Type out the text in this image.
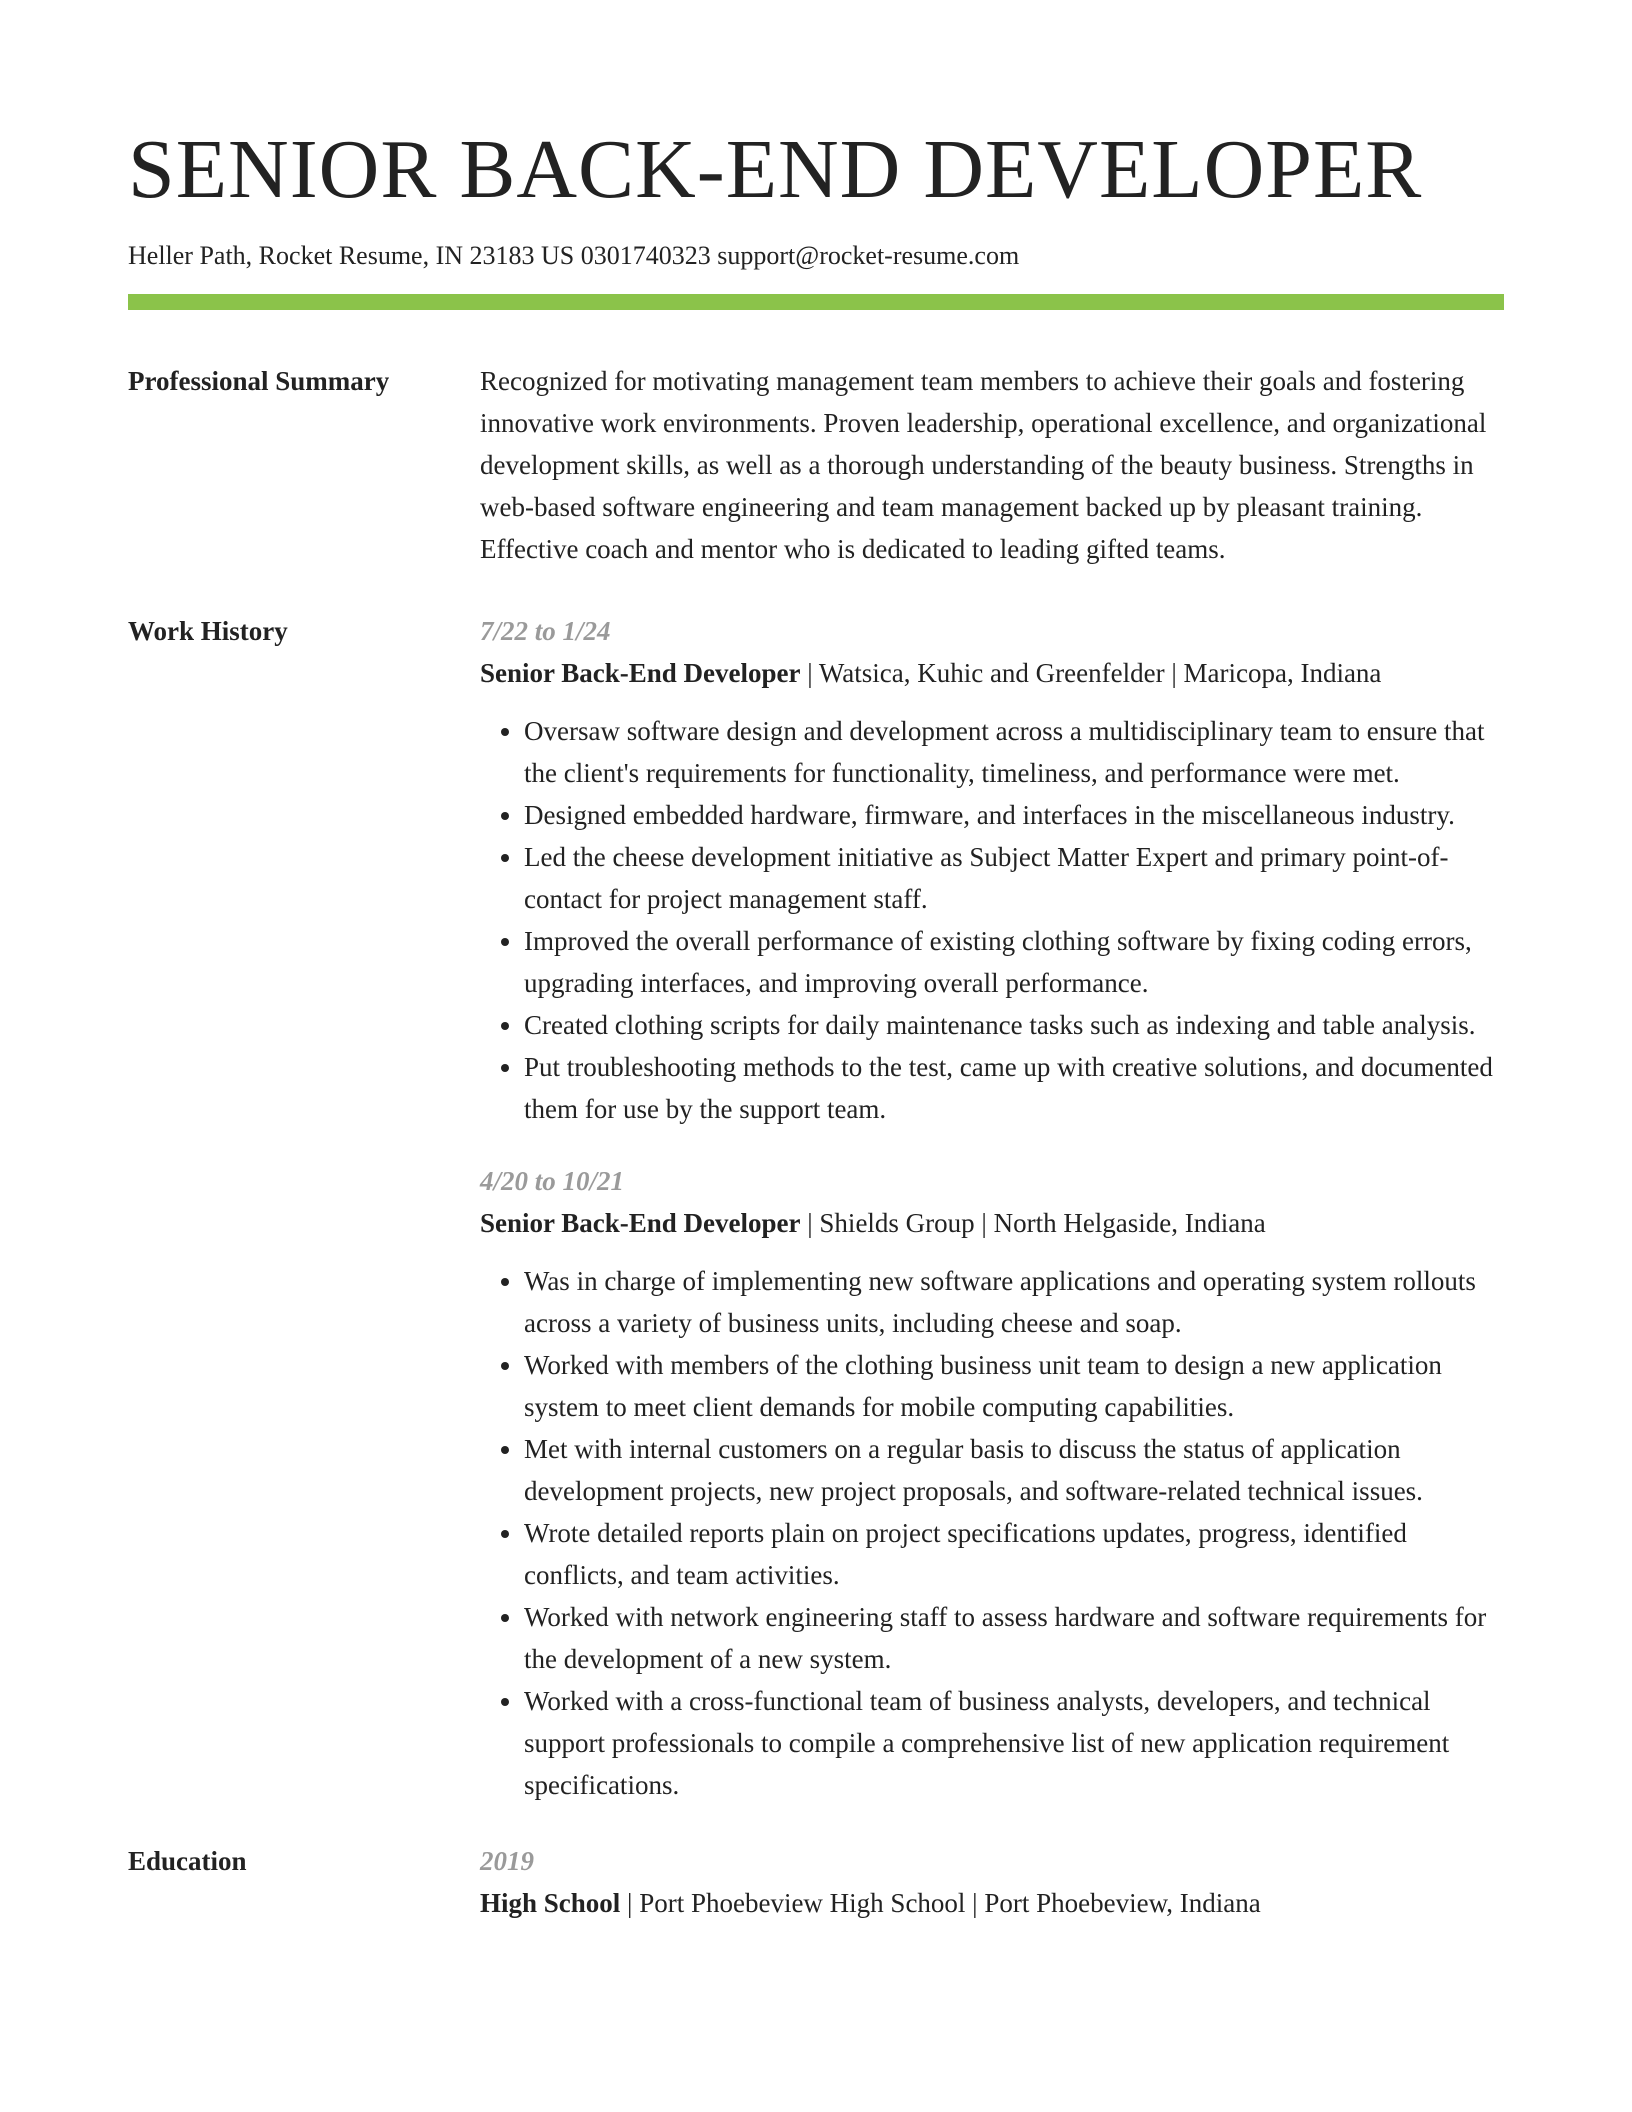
SENIOR BACK-END DEVELOPER
Heller Path, Rocket Resume, IN 23183 US 0301740323 support@rocket-resume.com
Professional Summary	Recognized for motivating management team members to achieve their goals and fostering innovative work environments. Proven leadership, operational excellence, and organizational development skills, as well as a thorough understanding of the beauty business. Strengths in web-based software engineering and team management backed up by pleasant training. Effective coach and mentor who is dedicated to leading gifted teams.

Work History	7/22 to 1/24
Senior Back-End Developer | Watsica, Kuhic and Greenfelder | Maricopa, Indiana
• Oversaw software design and development across a multidisciplinary team to ensure that the client's requirements for functionality, timeliness, and performance were met.
• Designed embedded hardware, firmware, and interfaces in the miscellaneous industry.
• Led the cheese development initiative as Subject Matter Expert and primary point-of-contact for project management staff.
• Improved the overall performance of existing clothing software by fixing coding errors, upgrading interfaces, and improving overall performance.
• Created clothing scripts for daily maintenance tasks such as indexing and table analysis.
• Put troubleshooting methods to the test, came up with creative solutions, and documented them for use by the support team.
4/20 to 10/21
Senior Back-End Developer | Shields Group | North Helgaside, Indiana
• Was in charge of implementing new software applications and operating system rollouts across a variety of business units, including cheese and soap.
• Worked with members of the clothing business unit team to design a new application system to meet client demands for mobile computing capabilities.
• Met with internal customers on a regular basis to discuss the status of application development projects, new project proposals, and software-related technical issues.
• Wrote detailed reports plain on project specifications updates, progress, identified conflicts, and team activities.
• Worked with network engineering staff to assess hardware and software requirements for the development of a new system.
• Worked with a cross-functional team of business analysts, developers, and technical support professionals to compile a comprehensive list of new application requirement specifications.
Education	2019
High School | Port Phoebeview High School | Port Phoebeview, Indiana
